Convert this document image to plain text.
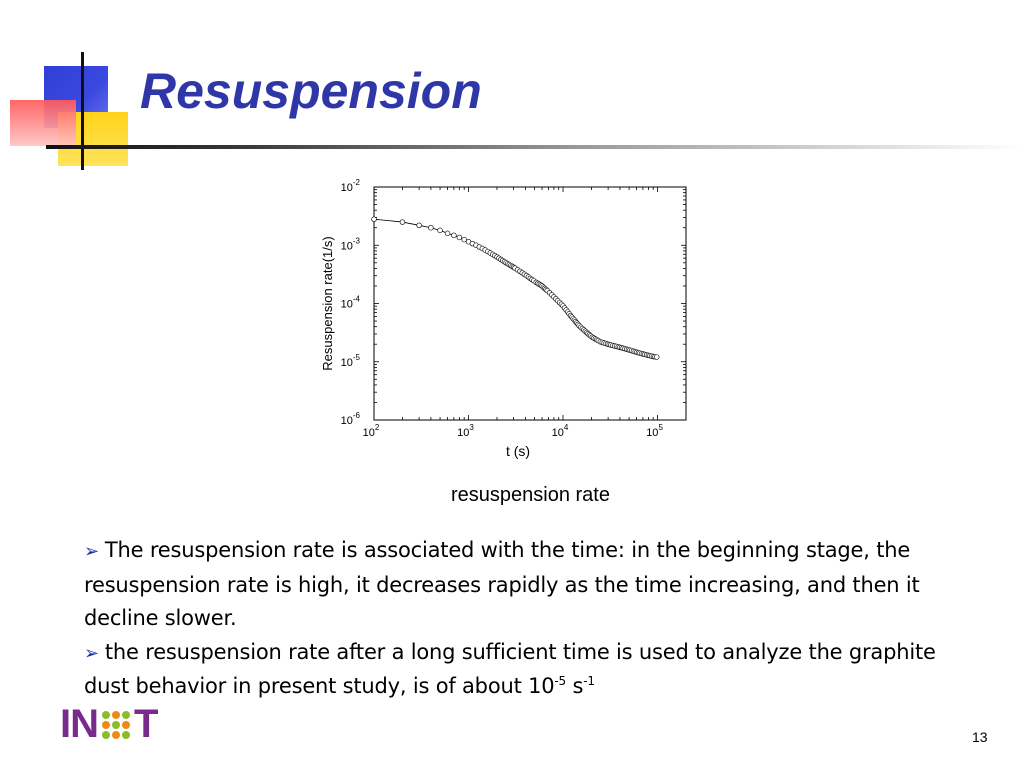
Resuspension
$10^2$	$10^3$	$10^4$	$10^5$
$10^{-2}$
$10^{-3}$
$10^{-4}$
$10^{-5}$
$10^{-6}$
t (s)
Resuspension rate(1/s)
resuspension rate

➢ The resuspension rate is associated with the time: in the beginning stage, the resuspension rate is high, it decreases rapidly as the time increasing, and then it decline slower.

➢ the resuspension rate after a long sufficient time is used to analyze the graphite dust behavior in present study, is of about $10^{-5}$ $s^{-1}$

IN T	13
